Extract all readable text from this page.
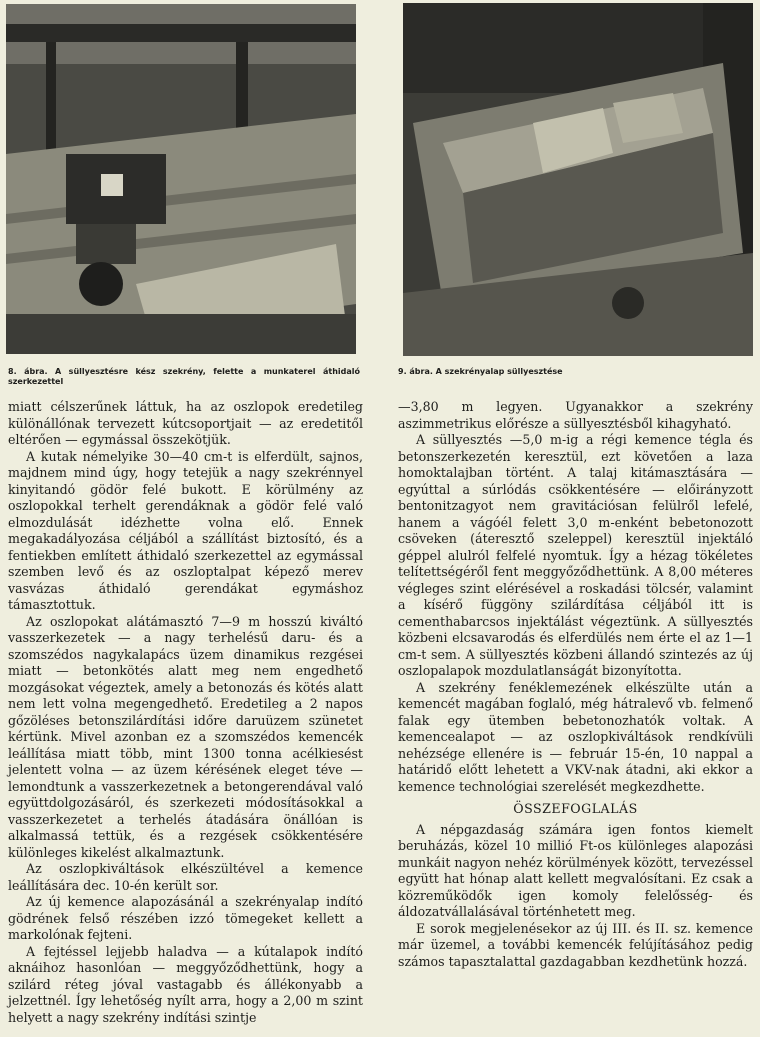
8. ábra. A süllyesztésre kész szekrény, felette a munkaterel áthidaló szerkezettel
9. ábra. A szekrényalap süllyesztése

miatt célszerűnek láttuk, ha az oszlopok eredetileg különállónak tervezett kútcsoportjait — az eredetitől eltérően — egymással összekötjük.

A kutak némelyike 30—40 cm-t is elferdült, sajnos, majdnem mind úgy, hogy tetejük a nagy szekrénnyel kinyitandó gödör felé bukott. E körülmény az oszlopokkal terhelt gerendáknak a gödör felé való elmozdulását idézhette volna elő. Ennek megakadályozása céljából a szállítást biztosító, és a fentiekben említett áthidaló szerkezettel az egymással szemben levő és az oszloptalpat képező merev vasvázas áthidaló gerendákat egymáshoz támasztottuk.

Az oszlopokat alátámasztó 7—9 m hosszú kiváltó vasszerkezetek — a nagy terhelésű daru- és a szomszédos nagykalapács üzem dinamikus rezgései miatt — betonkötés alatt meg nem engedhető mozgásokat végeztek, amely a betonozás és kötés alatt nem lett volna megengedhető. Eredetileg a 2 napos gőzöléses betonszilárdítási időre daruüzem szünetet kértünk. Mivel azonban ez a szomszédos kemencék leállítása miatt több, mint 1300 tonna acélkiesést jelentett volna — az üzem kérésének eleget téve — lemondtunk a vasszerkezetnek a betongerendával való együttdolgozásáról, és szerkezeti módosításokkal a vasszerkezetet a terhelés átadására önállóan is alkalmassá tettük, és a rezgések csökkentésére különleges kikelést alkalmaztunk.

Az oszlopkiváltások elkészültével a kemence leállítására dec. 10-én került sor.

Az új kemence alapozásánál a szekrényalap indító gödrének felső részében izzó tömegeket kellett a markolónak fejteni.

A fejtéssel lejjebb haladva — a kútalapok indító aknáihoz hasonlóan — meggyőződhettünk, hogy a szilárd réteg jóval vastagabb és állékonyabb a jelzettnél. Így lehetőség nyílt arra, hogy a 2,00 m szint helyett a nagy szekrény indítási szintje

—3,80 m legyen. Ugyanakkor a szekrény aszimmetrikus előrésze a süllyesztésből kihagyható.

A süllyesztés —5,0 m-ig a régi kemence tégla és betonszerkezetén keresztül, ezt követően a laza homoktalajban történt. A talaj kitámasztására — egyúttal a súrlódás csökkentésére — előirányzott bentonitzagyot nem gravitációsan felülről lefelé, hanem a vágóél felett 3,0 m-enként bebetonozott csöveken (áteresztő szeleppel) keresztül injektáló géppel alulról felfelé nyomtuk. Így a hézag tökéletes telítettségéről fent meggyőződhettünk. A 8,00 méteres végleges szint elérésével a roskadási tölcsér, valamint a kísérő függöny szilárdítása céljából itt is cementhabarcsos injektálást végeztünk. A süllyesztés közbeni elcsavarodás és elferdülés nem érte el az 1—1 cm-t sem. A süllyesztés közbeni állandó szintezés az új oszlopalapok mozdulatlanságát bizonyította.

A szekrény fenéklemezének elkészülte után a kemencét magában foglaló, még hátralevő vb. felmenő falak egy ütemben bebetonozhatók voltak. A kemencealapot — az oszlopkiváltások rendkívüli nehézsége ellenére is — február 15-én, 10 nappal a határidő előtt lehetett a VKV-nak átadni, aki ekkor a kemence technológiai szerelését megkezdhette.

ÖSSZEFOGLALÁS

A népgazdaság számára igen fontos kiemelt beruházás, közel 10 millió Ft-os különleges alapozási munkáit nagyon nehéz körülmények között, tervezéssel együtt hat hónap alatt kellett megvalósítani. Ez csak a közreműködők igen komoly felelősség- és áldozatvállalásával történhetett meg.

E sorok megjelenésekor az új III. és II. sz. kemence már üzemel, a további kemencék felújításához pedig számos tapasztalattal gazdagabban kezdhetünk hozzá.
